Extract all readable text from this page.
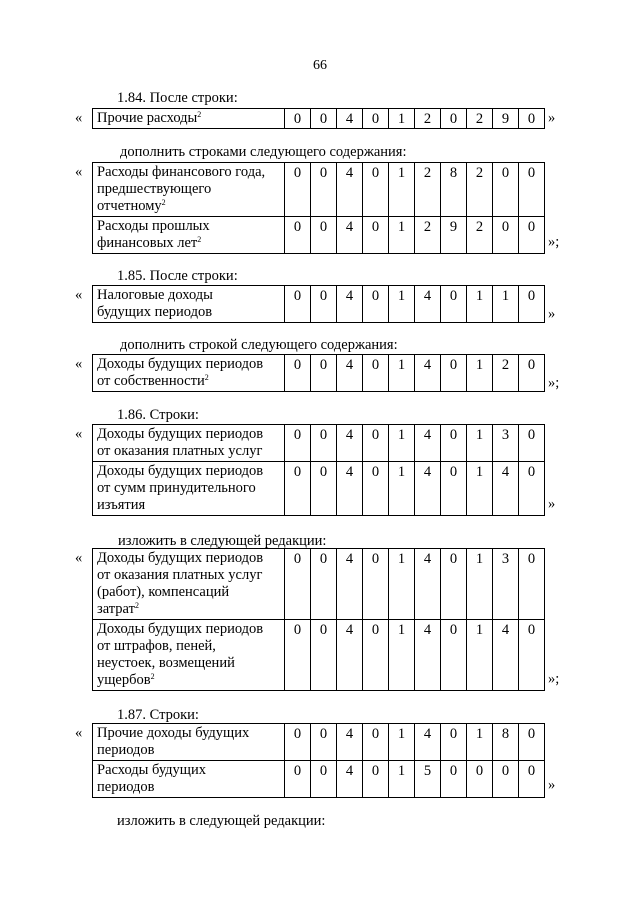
66
1.84. После строки:
дополнить строками следующего содержания:
1.85. После строки:
дополнить строкой следующего содержания:
1.86. Строки:
изложить в следующей редакции:
1.87. Строки:
изложить в следующей редакции:
« Прочие расходы$^2$	0	0	4	0	1	2	0	2	9	0 »
« Расходы финансового года,
предшествующего
отчетному$^2$	0	0	4	0	1	2	8	2	0	0

Расходы прошлых
финансовых лет$^2$	0	0	4	0	1	2	9	2	0	0
»;
« Налоговые доходы
будущих периодов
	0	0	4	0	1	4	0	1	1	0
»
« Доходы будущих периодов
от собственности$^2$
	0	0	4	0	1	4	0	1	2	0
»;
« Доходы будущих периодов
от оказания платных услуг	0	0	4	0	1	4	0	1	3	0

Доходы будущих периодов
от сумм принудительного
изъятия	0	0	4	0	1	4	0	1	4	0
»
« Доходы будущих периодов
от оказания платных услуг
(работ), компенсаций
затрат$^2$	0	0	4	0	1	4	0	1	3	0

Доходы будущих периодов
от штрафов, пеней,
неустоек, возмещений
ущербов$^2$	0	0	4	0	1	4	0	1	4	0
»;
« Прочие доходы будущих
периодов	0	0	4	0	1	4	0	1	8	0

Расходы будущих
периодов	0	0	4	0	1	5	0	0	0	0
»
